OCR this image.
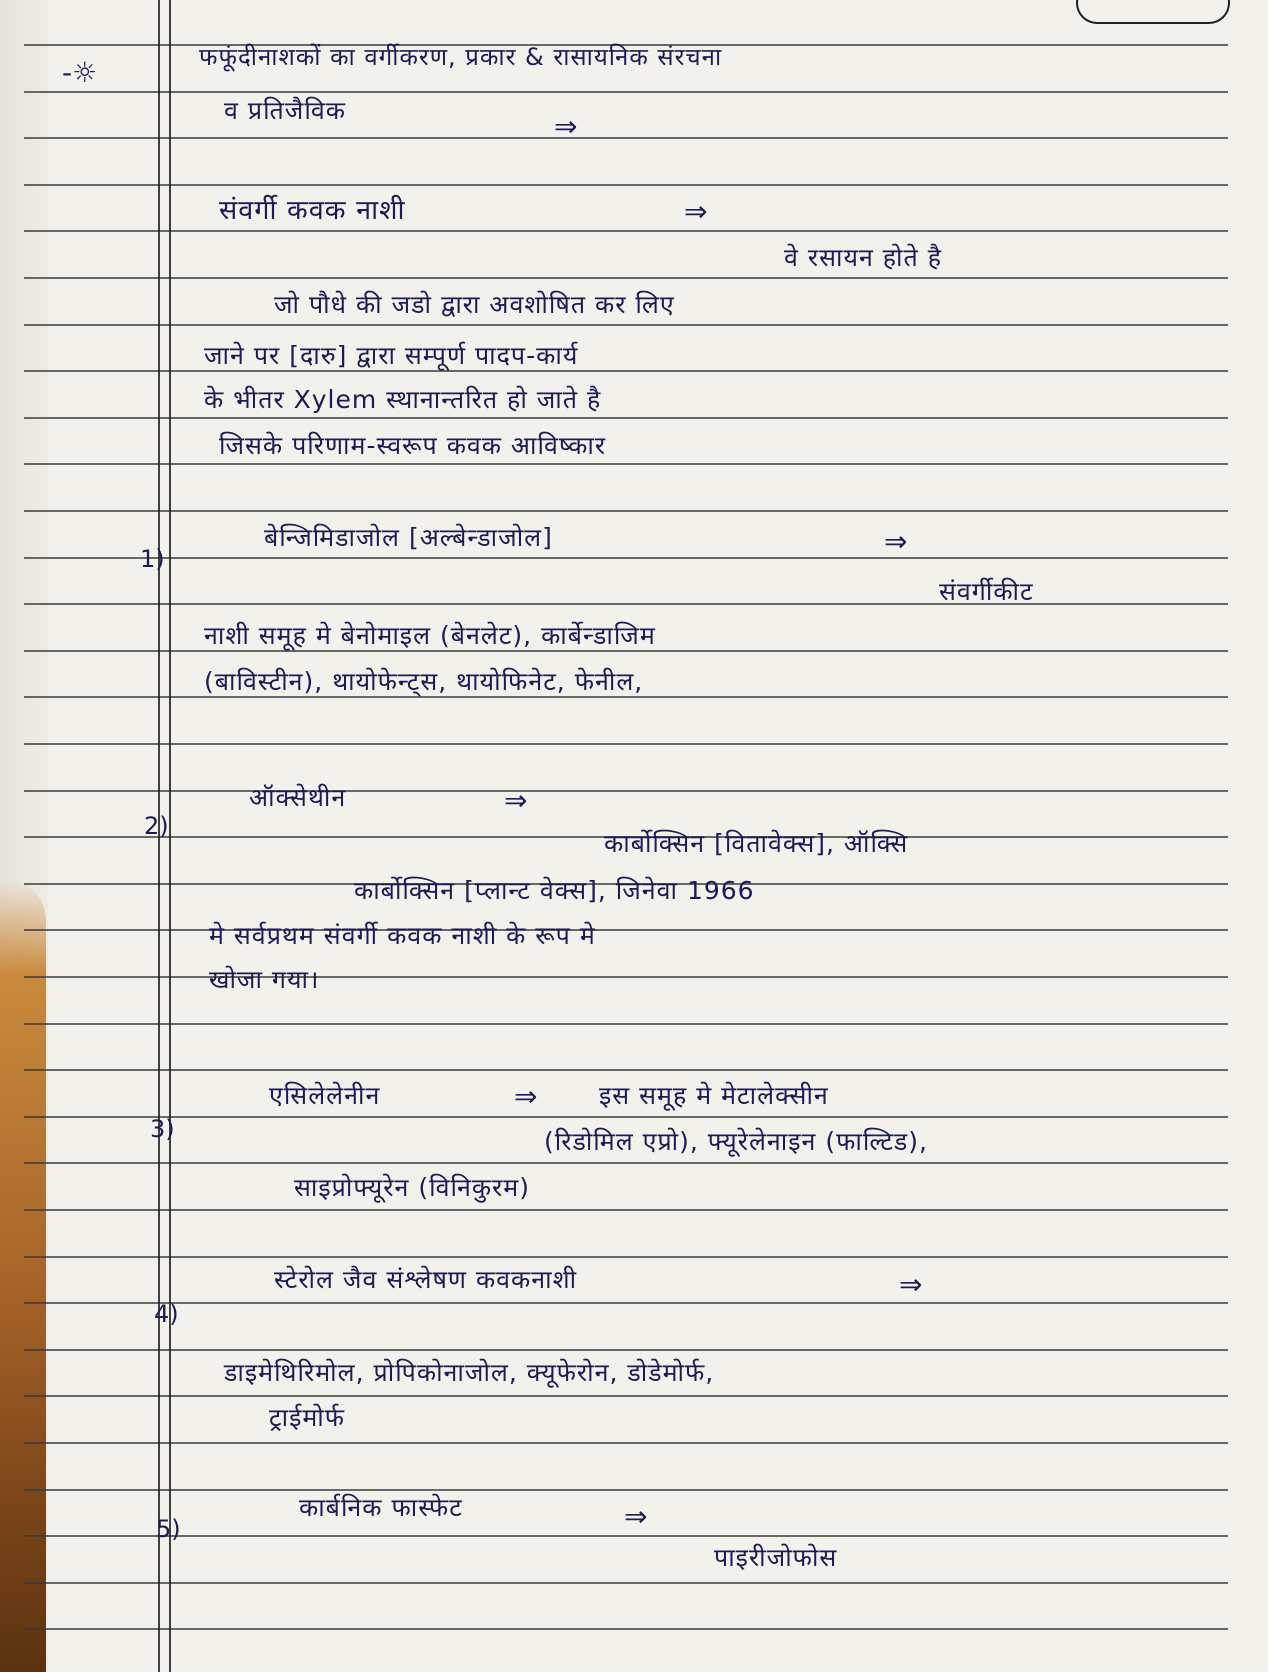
-☼	फफूंदीनाशकों का वर्गीकरण, प्रकार & रासायनिक संरचना
व प्रतिजैविक	⇒
संवर्गी कवक नाशी	⇒
वे रसायन होते है
जो पौधे की जडो द्वारा अवशोषित कर लिए
जाने पर [दारु] द्वारा सम्पूर्ण पादप-कार्य
के भीतर Xylem स्थानान्तरित हो जाते है
जिसके परिणाम-स्वरूप कवक आविष्कार
1)
बेन्जिमिडाजोल [अल्बेन्डाजोल]	⇒
संवर्गीकीट
नाशी समूह मे बेनोमाइल (बेनलेट), कार्बेन्डाजिम
(बाविस्टीन), थायोफेन्ट्स, थायोफिनेट, फेनील,
2)
ऑक्सेथीन	⇒
कार्बोक्सिन [वितावेक्स], ऑक्सि
कार्बोक्सिन [प्लान्ट वेक्स], जिनेवा 1966
मे सर्वप्रथम संवर्गी कवक नाशी के रूप मे
खोजा गया।
3)
एसिलेलेनीन	⇒ इस समूह मे मेटालेक्सीन
(रिडोमिल एप्रो), फ्यूरेलेनाइन (फाल्टिड),
साइप्रोफ्यूरेन (विनिकुरम)
4)
स्टेरोल जैव संश्लेषण कवकनाशी	⇒
डाइमेथिरिमोल, प्रोपिकोनाजोल, क्यूफेरोन, डोडेमोर्फ,
ट्राईमोर्फ
5)
कार्बनिक फास्फेट	⇒
पाइरीजोफोस
